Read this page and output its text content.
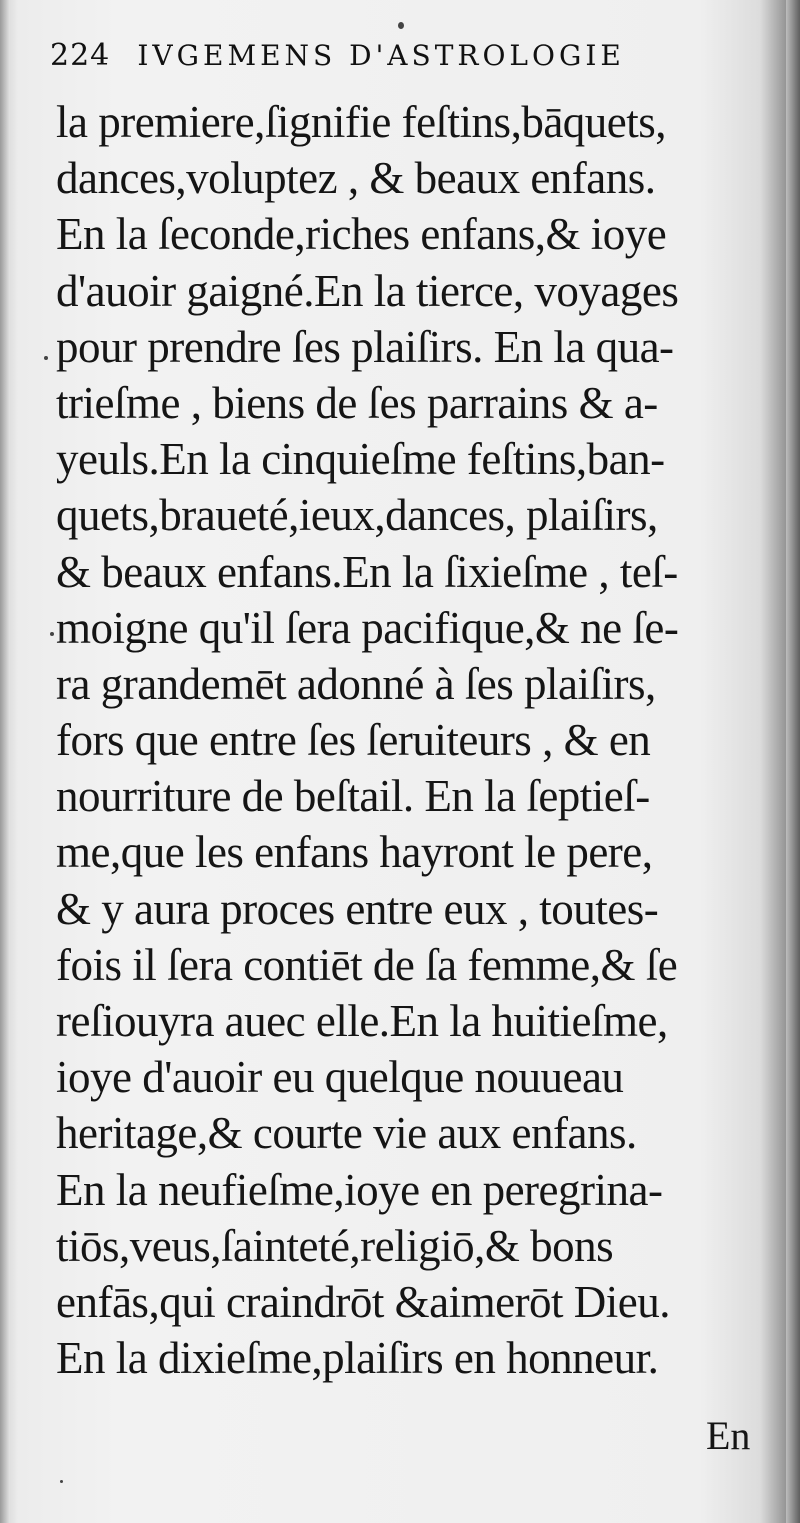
224 IVGEMENS D'ASTROLOGIE
la premiere,ſignifie feſtins,bāquets,
dances,voluptez , & beaux enfans.
En la ſeconde,riches enfans,& ioye
d'auoir gaigné.En la tierce, voyages
pour prendre ſes plaiſirs. En la qua-
trieſme , biens de ſes parrains & a-
yeuls.En la cinquieſme feſtins,ban-
quets,braueté,ieux,dances, plaiſirs,
& beaux enfans.En la ſixieſme , teſ-
moigne qu'il ſera pacifique,& ne ſe-
ra grandemēt adonné à ſes plaiſirs,
fors que entre ſes ſeruiteurs , & en
nourriture de beſtail. En la ſeptieſ-
me,que les enfans hayront le pere,
& y aura proces entre eux , toutes-
fois il ſera contiēt de ſa femme,& ſe
reſiouyra auec elle.En la huitieſme,
ioye d'auoir eu quelque nouueau
heritage,& courte vie aux enfans.
En la neufieſme,ioye en peregrina-
tiōs,veus,ſainteté,religiō,& bons
enfās,qui craindrōt &aimerōt Dieu.
En la dixieſme,plaiſirs en honneur.
En
